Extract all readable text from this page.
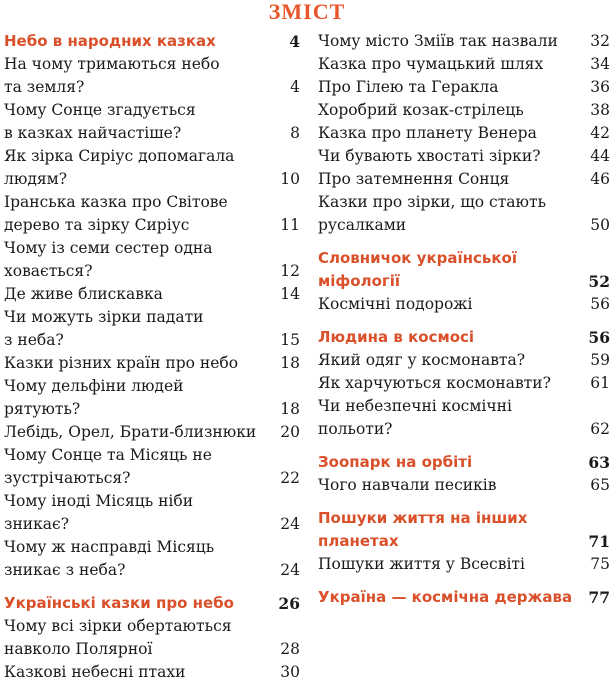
ЗМІСТ
Небо в народних казках	4
На чому тримаються небо
та земля?	4
Чому Сонце згадується
в казках найчастіше?	8
Як зірка Сиріус допомагала
людям?	10
Іранська казка про Світове
дерево та зірку Сиріус	11
Чому із семи сестер одна
ховається?	12
Де живе блискавка	14
Чи можуть зірки падати
з неба?	15
Казки різних країн про небо	18
Чому дельфіни людей
рятують?	18
Лебідь, Орел, Брати-близнюки	20
Чому Сонце та Місяць не
зустрічаються?	22
Чому іноді Місяць ніби
зникає?	24
Чому ж насправді Місяць
зникає з неба?	24
Українські казки про небо	26
Чому всі зірки обертаються
навколо Полярної	28
Казкові небесні птахи	30
Чому місто Зміїв так назвали	32
Казка про чумацький шлях	34
Про Гілею та Геракла	36
Хоробрий козак-стрілець	38
Казка про планету Венера	42
Чи бувають хвостаті зірки?	44
Про затемнення Сонця	46
Казки про зірки, що стають
русалками	50
Словничок української
міфології	52
Космічні подорожі	56
Людина в космосі	56
Який одяг у космонавта?	59
Як харчуються космонавти?	61
Чи небезпечні космічні
польоти?	62
Зоопарк на орбіті	63
Чого навчали песиків	65
Пошуки життя на інших
планетах	71
Пошуки життя у Всесвіті	75
Україна — космічна держава	77
